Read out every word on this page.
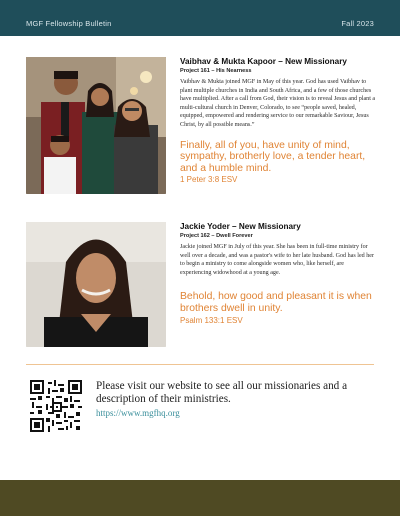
MGF Fellowship Bulletin	Fall 2023
Vaibhav & Mukta Kapoor – New Missionary
Project 161 – His Nearness
Vaibhav & Mukta joined MGF in May of this year. God has used Vaibhav to plant multiple churches in India and South Africa, and a few of those churches have multiplied. After a call from God, their vision is to reveal Jesus and plant a multi-cultural church in Denver, Colorado, to see “people saved, healed, equipped, empowered and rendering service to our remarkable Saviour, Jesus Christ, by all possible means.”
Finally, all of you, have unity of mind, sympathy, brotherly love, a tender heart, and a humble mind.
1 Peter 3:8 ESV
Jackie Yoder – New Missionary
Project 162 – Dwell Forever
Jackie joined MGF in July of this year. She has been in full-time ministry for well over a decade, and was a pastor's wife to her late husband. God has led her to begin a ministry to come alongside women who, like herself, are experiencing widowhood at a young age.
Behold, how good and pleasant it is when brothers dwell in unity.
Psalm 133:1 ESV
Please visit our website to see all our missionaries and a description of their ministries.
https://www.mgfhq.org
